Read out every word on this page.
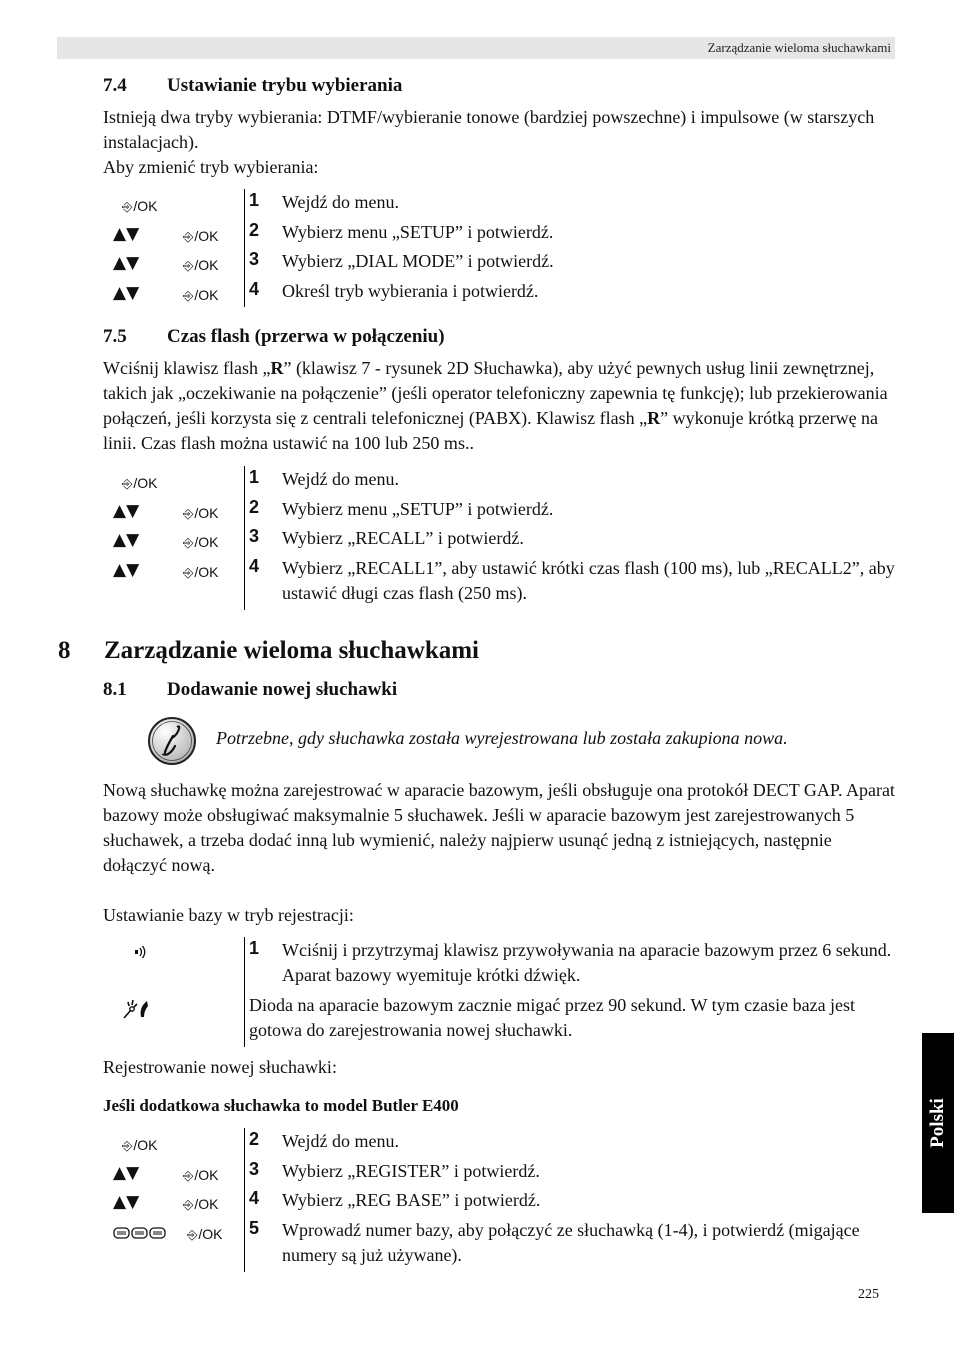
Zarządzanie wieloma słuchawkami
Polski
7.4 Ustawianie trybu wybierania

Istnieją dwa tryby wybierania: DTMF/wybieranie tonowe (bardziej powszechne) i impulsowe (w starszych instalacjach).

Aby zmienić tryb wybierania:

⎆/OK	1 Wejdź do menu.
▲▼	⎆/OK 2 Wybierz menu „SETUP” i potwierdź.
▲▼	⎆/OK 3 Wybierz „DIAL MODE” i potwierdź.
▲▼	⎆/OK 4 Określ tryb wybierania i potwierdź.
7.5 Czas flash (przerwa w połączeniu)

Wciśnij klawisz flash „R” (klawisz 7 - rysunek 2D Słuchawka), aby użyć pewnych usług linii zewnętrznej, takich jak „oczekiwanie na połączenie” (jeśli operator telefoniczny zapewnia tę funkcję); lub przekierowania połączeń, jeśli korzysta się z centrali telefonicznej (PABX). Klawisz flash „R” wykonuje krótką przerwę na linii. Czas flash można ustawić na 100 lub 250 ms..

⎆/OK	1 Wejdź do menu.
▲▼	⎆/OK 2 Wybierz menu „SETUP” i potwierdź.
▲▼	⎆/OK 3 Wybierz „RECALL” i potwierdź.
▲▼	⎆/OK 4 Wybierz „RECALL1”, aby ustawić krótki czas flash (100 ms), lub „RECALL2”, aby ustawić długi czas flash (250 ms).
8 Zarządzanie wieloma słuchawkami
8.1 Dodawanie nowej słuchawki
Potrzebne, gdy słuchawka została wyrejestrowana lub została zakupiona nowa.

Nową słuchawkę można zarejestrować w aparacie bazowym, jeśli obsługuje ona protokół DECT GAP. Aparat bazowy może obsługiwać maksymalnie 5 słuchawek. Jeśli w aparacie bazowym jest zarejestrowanych 5 słuchawek, a trzeba dodać inną lub wymienić, należy najpierw usunąć jedną z istniejących, następnie dołączyć nową.

Ustawianie bazy w tryb rejestracji:

1 Wciśnij i przytrzymaj klawisz przywoływania na aparacie bazowym przez 6 sekund. Aparat bazowy wyemituje krótki dźwięk.
Dioda na aparacie bazowym zacznie migać przez 90 sekund. W tym czasie baza jest gotowa do zarejestrowania nowej słuchawki.

Rejestrowanie nowej słuchawki:

Jeśli dodatkowa słuchawka to model Butler E400
⎆/OK	2 Wejdź do menu.
▲▼	⎆/OK 3 Wybierz „REGISTER” i potwierdź.
▲▼	⎆/OK 4 Wybierz „REG BASE” i potwierdź.
⎆/OK 5 Wprowadź numer bazy, aby połączyć ze słuchawką (1-4), i potwierdź (migające numery są już używane).
225
